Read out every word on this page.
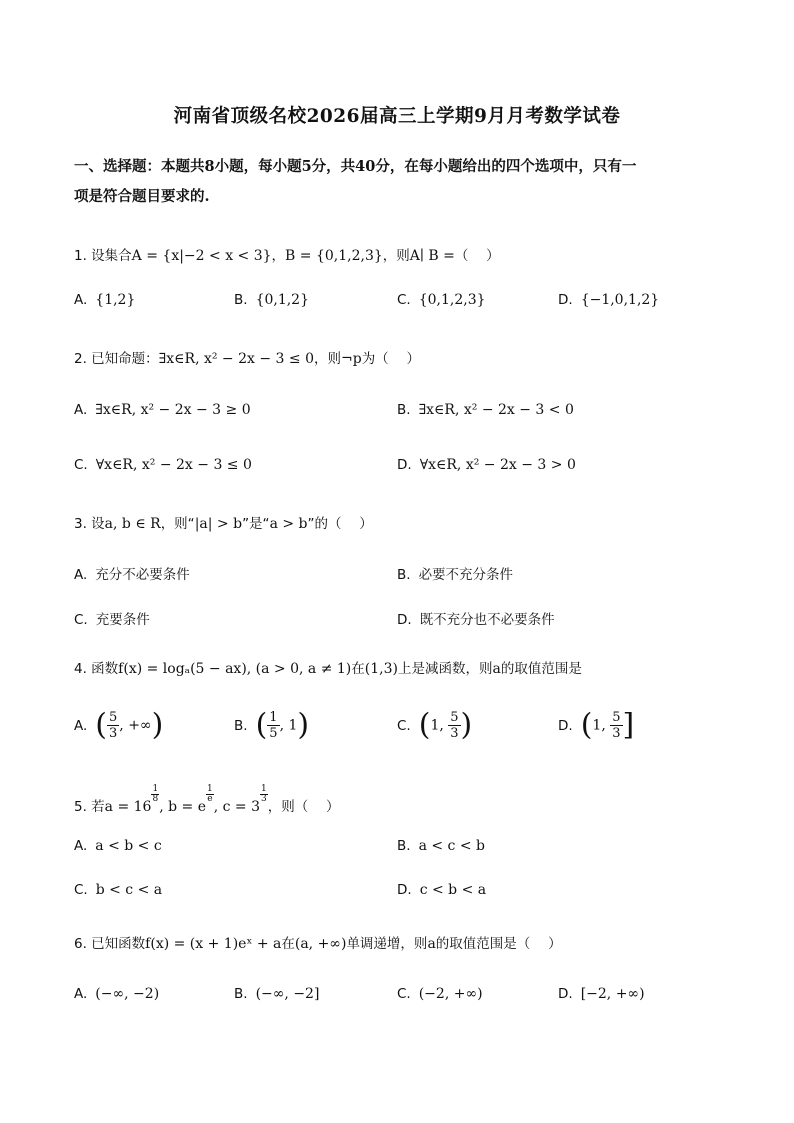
河南省顶级名校2026届高三上学期9月月考数学试卷
一、选择题：本题共8小题，每小题5分，共40分，在每小题给出的四个选项中，只有一
项是符合题目要求的.
1. 设集合A = {x|−2 < x < 3}，B = {0,1,2,3}，则A∣ B =（　 ）
A. {1,2}	B. {0,1,2}	C. {0,1,2,3}	D. {−1,0,1,2}
2. 已知命题：∃x∈R, x² − 2x − 3 ≤ 0，则¬p为（　 ）
A. ∃x∈R, x² − 2x − 3 ≥ 0	B. ∃x∈R, x² − 2x − 3 < 0
C. ∀x∈R, x² − 2x − 3 ≤ 0	D. ∀x∈R, x² − 2x − 3 > 0
3. 设a, b ∈ R，则“|a| > b”是“a > b”的（　 ）
A. 充分不必要条件	B. 必要不充分条件
C. 充要条件	D. 既不充分也不必要条件
4. 函数f(x) = logₐ(5 − ax), (a > 0, a ≠ 1)在(1,3)上是减函数，则a的取值范围是
A. ( $\frac{5}{3}$ , +∞)	B. ( $\frac{1}{5}$ , 1)	C. (1, $\frac{5}{3}$ )	D. (1, $\frac{5}{3}$ ]
5. 若a = 16
$\frac{1}{8}$
, b = e
$\frac{1}{e}$
, c = 3
$\frac{1}{3}$
，则（　 ）
A. a < b < c	B. a < c < b
C. b < c < a	D. c < b < a
6. 已知函数f(x) = (x + 1)eˣ + a在(a, +∞)单调递增，则a的取值范围是（　 ）
A. (−∞, −2)	B. (−∞, −2]	C. (−2, +∞)	D. [−2, +∞)
